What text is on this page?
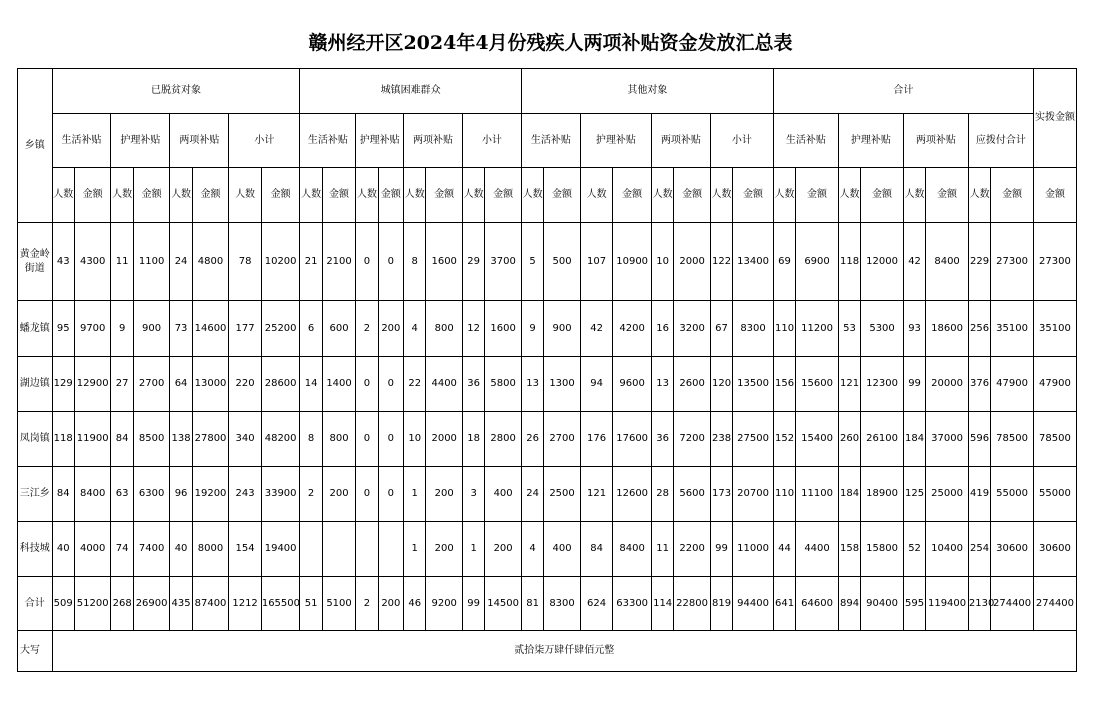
赣州经开区2024年4月份残疾人两项补贴资金发放汇总表
乡镇	已脱贫对象								城镇困难群众								其他对象								合计								实拨金额
	生活补贴		护理补贴		两项补贴		小计		生活补贴		护理补贴		两项补贴		小计		生活补贴		护理补贴		两项补贴		小计		生活补贴		护理补贴		两项补贴		应拨付合计		
	人数	金额	人数	金额	人数	金额	人数	金额	人数	金额	人数	金额	人数	金额	人数	金额	人数	金额	人数	金额	人数	金额	人数	金额	人数	金额	人数	金额	人数	金额	人数	金额	金额
黄金岭街道	43	4300	11	1100	24	4800	78	10200	21	2100	0	0	8	1600	29	3700	5	500	107	10900	10	2000	122	13400	69	6900	118	12000	42	8400	229	27300	27300
蟠龙镇	95	9700	9	900	73	14600	177	25200	6	600	2	200	4	800	12	1600	9	900	42	4200	16	3200	67	8300	110	11200	53	5300	93	18600	256	35100	35100
湖边镇	129	12900	27	2700	64	13000	220	28600	14	1400	0	0	22	4400	36	5800	13	1300	94	9600	13	2600	120	13500	156	15600	121	12300	99	20000	376	47900	47900
凤岗镇	118	11900	84	8500	138	27800	340	48200	8	800	0	0	10	2000	18	2800	26	2700	176	17600	36	7200	238	27500	152	15400	260	26100	184	37000	596	78500	78500
三江乡	84	8400	63	6300	96	19200	243	33900	2	200	0	0	1	200	3	400	24	2500	121	12600	28	5600	173	20700	110	11100	184	18900	125	25000	419	55000	55000
科技城	40	4000	74	7400	40	8000	154	19400					1	200	1	200	4	400	84	8400	11	2200	99	11000	44	4400	158	15800	52	10400	254	30600	30600
合计	509	51200	268	26900	435	87400	1212	165500	51	5100	2	200	46	9200	99	14500	81	8300	624	63300	114	22800	819	94400	641	64600	894	90400	595	119400	2130	274400	274400
大写	贰拾柒万肆仟肆佰元整																																
